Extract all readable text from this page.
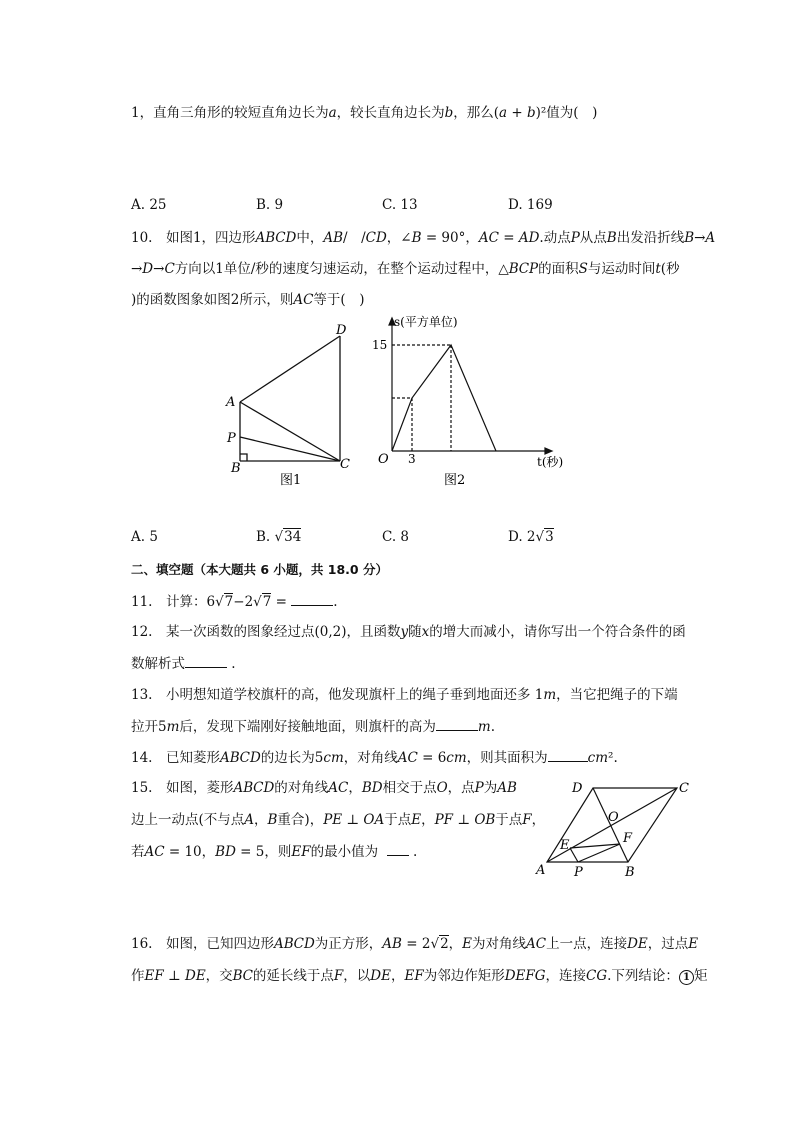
1，直角三角形的较短直角边长为𝑎，较长直角边长为𝑏，那么(𝑎 + 𝑏)²值为(　)
A. 25	B. 9	C. 13	D. 169
10.　如图1，四边形𝐴𝐵𝐶𝐷中，𝐴𝐵/　/𝐶𝐷，∠𝐵 = 90°，𝐴𝐶 = 𝐴𝐷.动点𝑃从点𝐵出发沿折线𝐵→𝐴
→𝐷→𝐶方向以1单位/秒的速度匀速运动，在整个运动过程中，△𝐵𝐶𝑃的面积𝑆与运动时间𝑡(秒
)的函数图象如图2所示，则𝐴𝐶等于(　)
D
A
P
B	C
图1
s(平方单位)
15
O 3	t(秒)
图2
A. 5	B. √34	C. 8	D. 2√3
二、填空题（本大题共 6 小题，共 18.0 分）
11.　计算：6√7−2√7 =	.
12.　某一次函数的图象经过点(0,2)，且函数𝑦随𝑥的增大而减小，请你写出一个符合条件的函
数解析式	.
13.　小明想知道学校旗杆的高，他发现旗杆上的绳子垂到地面还多 1𝑚，当它把绳子的下端
拉开5𝑚后，发现下端刚好接触地面，则旗杆的高为	𝑚.
14.　已知菱形𝐴𝐵𝐶𝐷的边长为5𝑐𝑚，对角线𝐴𝐶 = 6𝑐𝑚，则其面积为	𝑐𝑚².
15.　如图，菱形𝐴𝐵𝐶𝐷的对角线𝐴𝐶，𝐵𝐷相交于点𝑂，点𝑃为𝐴𝐵
边上一动点(不与点𝐴，𝐵重合)，𝑃𝐸 ⊥ 𝑂𝐴于点𝐸，𝑃𝐹 ⊥ 𝑂𝐵于点𝐹，
若𝐴𝐶 = 10，𝐵𝐷 = 5，则𝐸𝐹的最小值为   .
D	C
O
E	F
A P	B
16.　如图，已知四边形𝐴𝐵𝐶𝐷为正方形，𝐴𝐵 = 2√2，𝐸为对角线𝐴𝐶上一点，连接𝐷𝐸，过点𝐸
作𝐸𝐹 ⊥ 𝐷𝐸，交𝐵𝐶的延长线于点𝐹，以𝐷𝐸，𝐸𝐹为邻边作矩形𝐷𝐸𝐹𝐺，连接𝐶𝐺.下列结论： 1 矩
